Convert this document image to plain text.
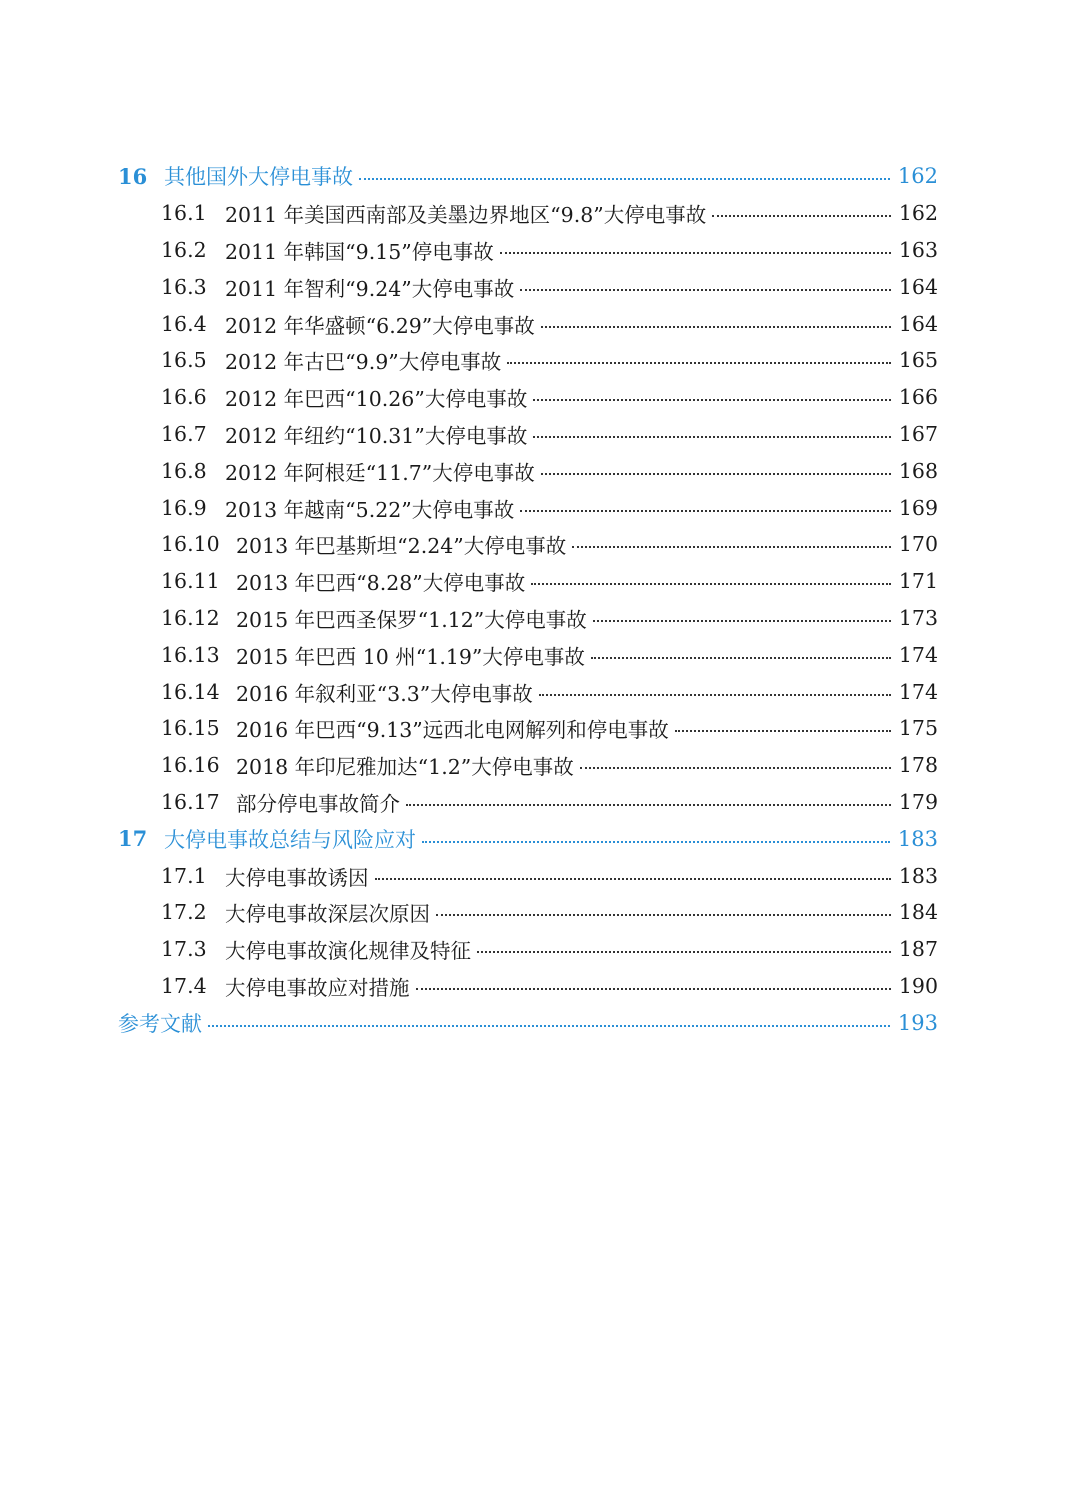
16 其他国外大停电事故	162
16.1 2011 年美国西南部及美墨边界地区“9.8”大停电事故	162
16.2 2011 年韩国“9.15”停电事故	163
16.3 2011 年智利“9.24”大停电事故	164
16.4 2012 年华盛顿“6.29”大停电事故	164
16.5 2012 年古巴“9.9”大停电事故	165
16.6 2012 年巴西“10.26”大停电事故	166
16.7 2012 年纽约“10.31”大停电事故	167
16.8 2012 年阿根廷“11.7”大停电事故	168
16.9 2013 年越南“5.22”大停电事故	169
16.10 2013 年巴基斯坦“2.24”大停电事故	170
16.11 2013 年巴西“8.28”大停电事故	171
16.12 2015 年巴西圣保罗“1.12”大停电事故	173
16.13 2015 年巴西 10 州“1.19”大停电事故	174
16.14 2016 年叙利亚“3.3”大停电事故	174
16.15 2016 年巴西“9.13”远西北电网解列和停电事故	175
16.16 2018 年印尼雅加达“1.2”大停电事故	178
16.17 部分停电事故简介	179
17 大停电事故总结与风险应对	183
17.1 大停电事故诱因	183
17.2 大停电事故深层次原因	184
17.3 大停电事故演化规律及特征	187
17.4 大停电事故应对措施	190
参考文献	193
